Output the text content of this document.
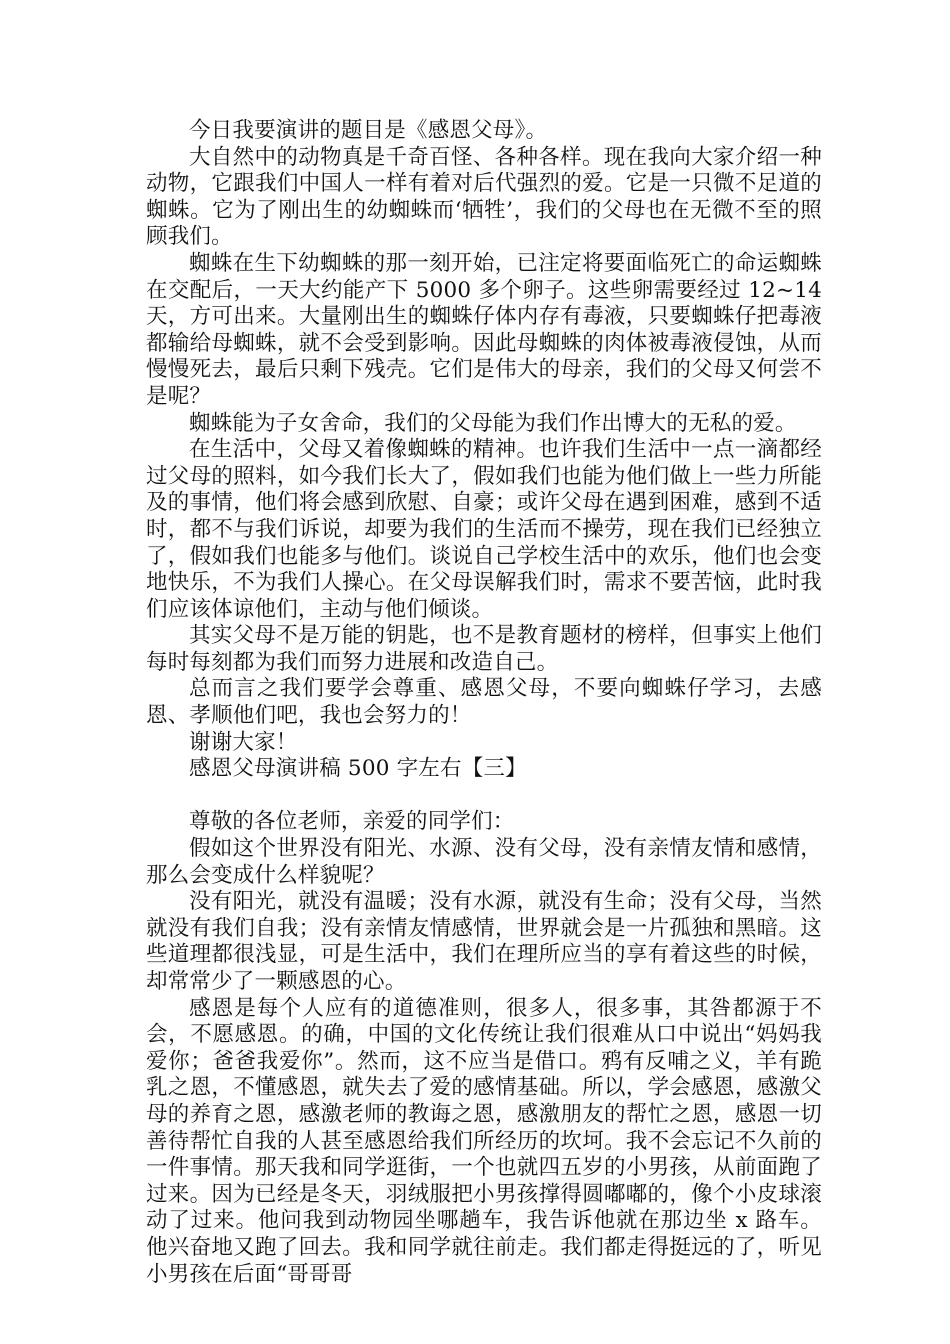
今日我要演讲的题目是《感恩父母》。

大自然中的动物真是千奇百怪、各种各样。现在我向大家介绍一种动物，它跟我们中国人一样有着对后代强烈的爱。它是一只微不足道的蜘蛛。它为了刚出生的幼蜘蛛而‘牺牲’，我们的父母也在无微不至的照顾我们。

蜘蛛在生下幼蜘蛛的那一刻开始，已注定将要面临死亡的命运蜘蛛在交配后，一天大约能产下 5000 多个卵子。这些卵需要经过 12~14 天，方可出来。大量刚出生的蜘蛛仔体内存有毒液，只要蜘蛛仔把毒液都输给母蜘蛛，就不会受到影响。因此母蜘蛛的肉体被毒液侵蚀，从而慢慢死去，最后只剩下残壳。它们是伟大的母亲，我们的父母又何尝不是呢？

蜘蛛能为子女舍命，我们的父母能为我们作出博大的无私的爱。

在生活中，父母又着像蜘蛛的精神。也许我们生活中一点一滴都经过父母的照料，如今我们长大了，假如我们也能为他们做上一些力所能及的事情，他们将会感到欣慰、自豪；或许父母在遇到困难，感到不适时，都不与我们诉说，却要为我们的生活而不操劳，现在我们已经独立了，假如我们也能多与他们。谈说自己学校生活中的欢乐，他们也会变地快乐，不为我们人操心。在父母误解我们时，需求不要苦恼，此时我们应该体谅他们，主动与他们倾谈。

其实父母不是万能的钥匙，也不是教育题材的榜样，但事实上他们每时每刻都为我们而努力进展和改造自己。

总而言之我们要学会尊重、感恩父母，不要向蜘蛛仔学习，去感恩、孝顺他们吧，我也会努力的！

谢谢大家！

感恩父母演讲稿 500 字左右【三】

尊敬的各位老师，亲爱的同学们：

假如这个世界没有阳光、水源、没有父母，没有亲情友情和感情，那么会变成什么样貌呢？

没有阳光，就没有温暖；没有水源，就没有生命；没有父母，当然就没有我们自我；没有亲情友情感情，世界就会是一片孤独和黑暗。这些道理都很浅显，可是生活中，我们在理所应当的享有着这些的时候，却常常少了一颗感恩的心。

感恩是每个人应有的道德准则，很多人，很多事，其咎都源于不会，不愿感恩。的确，中国的文化传统让我们很难从口中说出“妈妈我爱你；爸爸我爱你”。然而，这不应当是借口。鸦有反哺之义，羊有跪乳之恩，不懂感恩，就失去了爱的感情基础。所以，学会感恩，感激父母的养育之恩，感激老师的教诲之恩，感激朋友的帮忙之恩，感恩一切善待帮忙自我的人甚至感恩给我们所经历的坎坷。我不会忘记不久前的一件事情。那天我和同学逛街，一个也就四五岁的小男孩，从前面跑了过来。因为已经是冬天，羽绒服把小男孩撑得圆嘟嘟的，像个小皮球滚动了过来。他问我到动物园坐哪趟车，我告诉他就在那边坐 x 路车。他兴奋地又跑了回去。我和同学就往前走。我们都走得挺远的了，听见小男孩在后面“哥哥哥
